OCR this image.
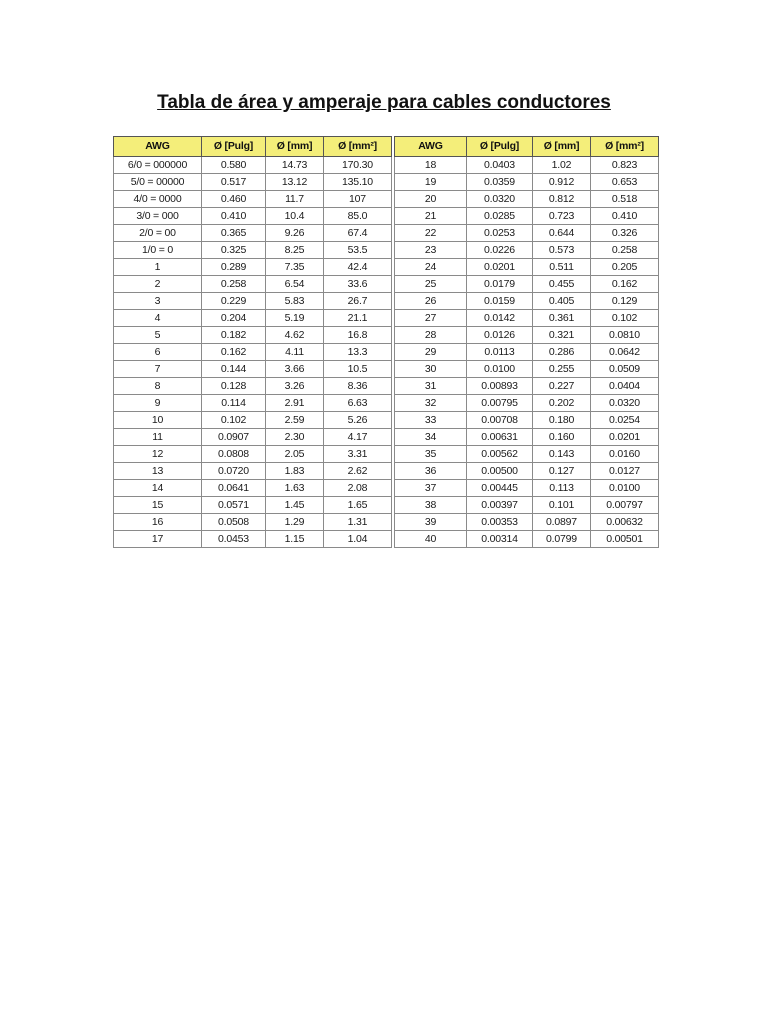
Tabla de área y amperaje para cables conductores
AWG	Ø [Pulg]	Ø [mm]	Ø [mm²]
6/0 = 000000	0.580	14.73	170.30
5/0 = 00000	0.517	13.12	135.10
4/0 = 0000	0.460	11.7	107
3/0 = 000	0.410	10.4	85.0
2/0 = 00	0.365	9.26	67.4
1/0 = 0	0.325	8.25	53.5
1	0.289	7.35	42.4
2	0.258	6.54	33.6
3	0.229	5.83	26.7
4	0.204	5.19	21.1
5	0.182	4.62	16.8
6	0.162	4.11	13.3
7	0.144	3.66	10.5
8	0.128	3.26	8.36
9	0.114	2.91	6.63
10	0.102	2.59	5.26
11	0.0907	2.30	4.17
12	0.0808	2.05	3.31
13	0.0720	1.83	2.62
14	0.0641	1.63	2.08
15	0.0571	1.45	1.65
16	0.0508	1.29	1.31
17	0.0453	1.15	1.04
AWG	Ø [Pulg]	Ø [mm]	Ø [mm²]
18	0.0403	1.02	0.823
19	0.0359	0.912	0.653
20	0.0320	0.812	0.518
21	0.0285	0.723	0.410
22	0.0253	0.644	0.326
23	0.0226	0.573	0.258
24	0.0201	0.511	0.205
25	0.0179	0.455	0.162
26	0.0159	0.405	0.129
27	0.0142	0.361	0.102
28	0.0126	0.321	0.0810
29	0.0113	0.286	0.0642
30	0.0100	0.255	0.0509
31	0.00893	0.227	0.0404
32	0.00795	0.202	0.0320
33	0.00708	0.180	0.0254
34	0.00631	0.160	0.0201
35	0.00562	0.143	0.0160
36	0.00500	0.127	0.0127
37	0.00445	0.113	0.0100
38	0.00397	0.101	0.00797
39	0.00353	0.0897	0.00632
40	0.00314	0.0799	0.00501
